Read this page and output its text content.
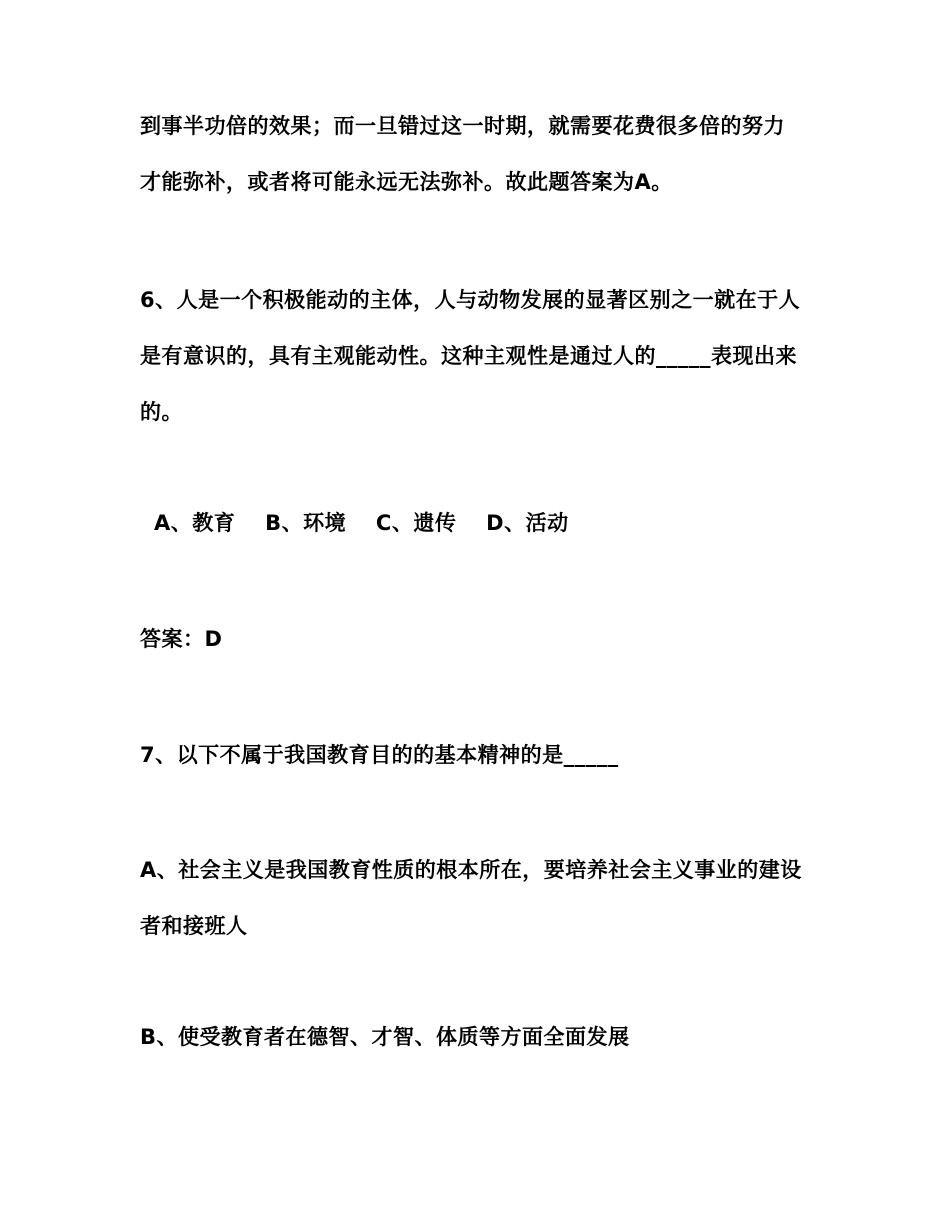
到事半功倍的效果；而一旦错过这一时期，就需要花费很多倍的努力
才能弥补，或者将可能永远无法弥补。故此题答案为A。
6、人是一个积极能动的主体，人与动物发展的显著区别之一就在于人
是有意识的，具有主观能动性。这种主观性是通过人的_____表现出来
的。
A、教育 B、环境 C、遗传 D、活动
答案：D
7、以下不属于我国教育目的的基本精神的是_____
A、社会主义是我国教育性质的根本所在，要培养社会主义事业的建设
者和接班人
B、使受教育者在德智、才智、体质等方面全面发展
